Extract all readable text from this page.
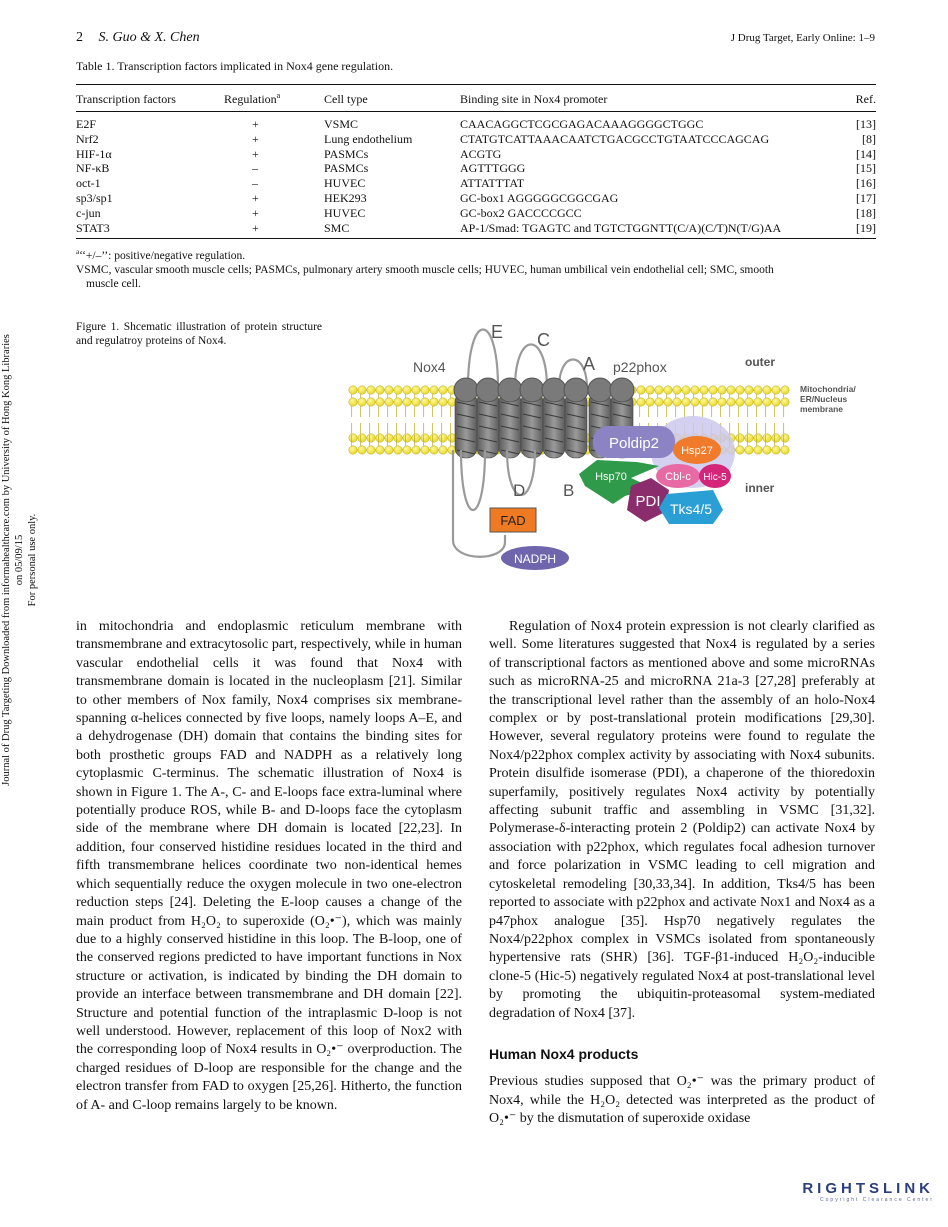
2 S. Guo & X. Chen	J Drug Target, Early Online: 1–9
Table 1. Transcription factors implicated in Nox4 gene regulation.
Transcription factors	Regulation$^a$	Cell type	Binding site in Nox4 promoter	Ref.
E2F	+	VSMC	CAACAGGCTCGCGAGACAAAGGGGCTGGC	[13]
Nrf2	+	Lung endothelium	CTATGTCATTAAACAATCTGACGCCTGTAATCCCAGCAG	[8]
HIF-1α	+	PASMCs	ACGTG	[14]
NF-κB	–	PASMCs	AGTTTGGG	[15]
oct-1	–	HUVEC	ATTATTTAT	[16]
sp3/sp1	+	HEK293	GC-box1 AGGGGGCGGCGAG	[17]
c-jun	+	HUVEC	GC-box2 GACCCCGCC	[18]
STAT3	+	SMC	AP-1/Smad: TGAGTC and TGTCTGGNTT(C/A)(C/T)N(T/G)AA	[19]
$^a$‘‘+/–’’: positive/negative regulation.
VSMC, vascular smooth muscle cells; PASMCs, pulmonary artery smooth muscle cells; HUVEC, human umbilical vein endothelial cell; SMC, smooth
muscle cell.
Figure 1. Shcematic illustration of protein structure and regulatroy proteins of Nox4.	E C
A
Nox4	p22phox	outer
inner
Mitochondria/
ER/Nucleus
membrane
D B
Poldip2 Hsp27
Cbl-c Hic-5
Hsp70
PDI Tks4/5
FAD
NADPH
Journal of Drug Targeting Downloaded from informahealthcare.com by University of Hong Kong Libraries on 05/09/15 For personal use only.

in mitochondria and endoplasmic reticulum membrane with transmembrane and extracytosolic part, respectively, while in human vascular endothelial cells it was found that Nox4 with transmembrane domain is located in the nucleoplasm [21]. Similar to other members of Nox family, Nox4 comprises six membrane-spanning α-helices connected by five loops, namely loops A–E, and a dehydrogenase (DH) domain that contains the binding sites for both prosthetic groups FAD and NADPH as a relatively long cytoplasmic C-terminus. The schematic illustration of Nox4 is shown in Figure 1. The A-, C- and E-loops face extra-luminal where potentially produce ROS, while B- and D-loops face the cytoplasm side of the membrane where DH domain is located [22,23]. In addition, four conserved histidine residues located in the third and fifth transmembrane helices coordinate two non-identical hemes which sequentially reduce the oxygen molecule in two one-electron reduction steps [24]. Deleting the E-loop causes a change of the main product from H₂O₂ to superoxide (O₂•⁻), which was mainly due to a highly conserved histidine in this loop. The B-loop, one of the conserved regions predicted to have important functions in Nox structure or activation, is indicated by binding the DH domain to provide an interface between transmembrane and DH domain [22]. Structure and potential function of the intraplasmic D-loop is not well understood. However, replacement of this loop of Nox2 with the corresponding loop of Nox4 results in O₂•⁻ overproduction. The charged residues of D-loop are responsible for the change and the electron transfer from FAD to oxygen [25,26]. Hitherto, the function of A- and C-loop remains largely to be known.

Regulation of Nox4 protein expression is not clearly clarified as well. Some literatures suggested that Nox4 is regulated by a series of transcriptional factors as mentioned above and some microRNAs such as microRNA-25 and microRNA 21a-3 [27,28] preferably at the transcriptional level rather than the assembly of an holo-Nox4 complex or by post-translational protein modifications [29,30]. However, several regulatory proteins were found to regulate the Nox4/p22phox complex activity by associating with Nox4 subunits. Protein disulfide isomerase (PDI), a chaperone of the thioredoxin superfamily, positively regulates Nox4 activity by potentially affecting subunit traffic and assembling in VSMC [31,32]. Polymerase-δ-interacting protein 2 (Poldip2) can activate Nox4 by association with p22phox, which regulates focal adhesion turnover and force polarization in VSMC leading to cell migration and cytoskeletal remodeling [30,33,34]. In addition, Tks4/5 has been reported to associate with p22phox and activate Nox1 and Nox4 as a p47phox analogue [35]. Hsp70 negatively regulates the Nox4/p22phox complex in VSMCs isolated from spontaneously hypertensive rats (SHR) [36]. TGF-β1-induced H₂O₂-inducible clone-5 (Hic-5) negatively regulated Nox4 at post-translational level by promoting the ubiquitin-proteasomal system-mediated degradation of Nox4 [37].

Human Nox4 products

Previous studies supposed that O₂•⁻ was the primary product of Nox4, while the H₂O₂ detected was interpreted as the product of O₂•⁻ by the dismutation of superoxide oxidase

RIGHTSLINK
Copyright Clearance Center
